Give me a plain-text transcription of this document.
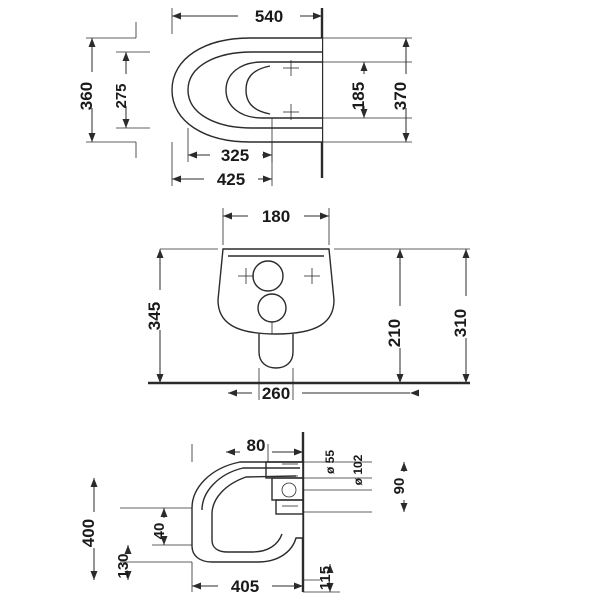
540
360 275	185 370
325
425
180
345
210	310
260
80
ø 55 ø 102
90
400	40
130
405	115
